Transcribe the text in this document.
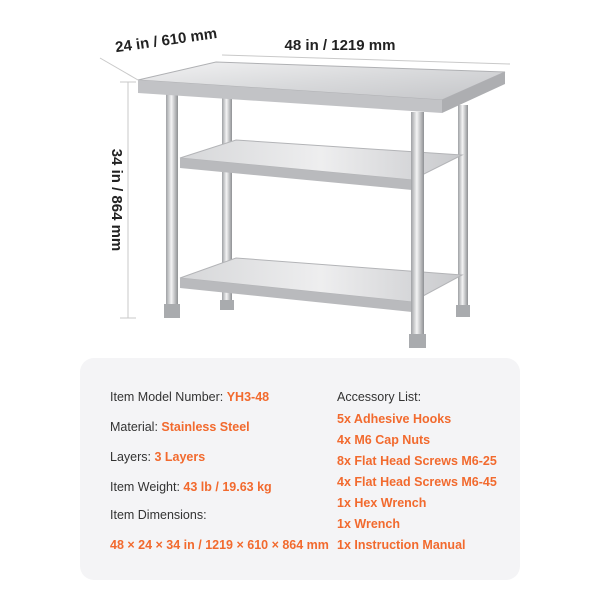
24 in / 610 mm	48 in / 1219 mm
34 in / 864 mm
Item Model Number: YH3-48
Material: Stainless Steel
Layers: 3 Layers
Item Weight: 43 lb / 19.63 kg
Item Dimensions:
48 × 24 × 34 in / 1219 × 610 × 864 mm
Accessory List:
5x Adhesive Hooks
4x M6 Cap Nuts
8x Flat Head Screws M6-25
4x Flat Head Screws M6-45
1x Hex Wrench
1x Wrench
1x Instruction Manual
